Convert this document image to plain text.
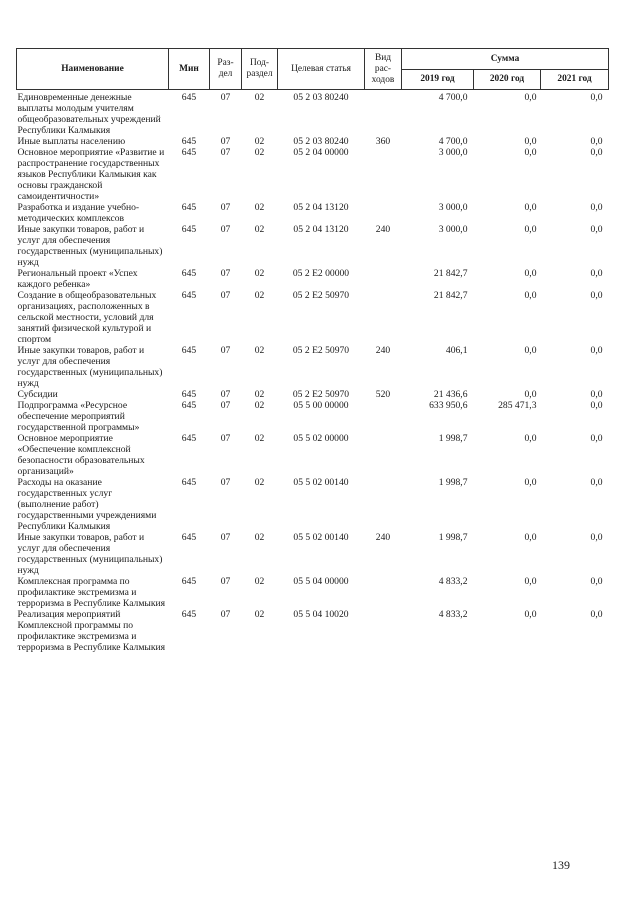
Наименование	Мин	Раз-дел	Под-раздел	Целевая статья	Вид рас-ходов	Сумма		
						2019 год	2020 год	2021 год
Единовременные денежные выплаты молодым учителям общеобразовательных учреждений Республики Калмыкия	645	07	02	05 2 03 80240		4 700,0	0,0	0,0
Иные выплаты населению	645	07	02	05 2 03 80240	360	4 700,0	0,0	0,0
Основное мероприятие «Развитие и распространение государственных языков Республики Калмыкия как основы гражданской самоидентичности»	645	07	02	05 2 04 00000		3 000,0	0,0	0,0
Разработка и издание учебно-методических комплексов	645	07	02	05 2 04 13120		3 000,0	0,0	0,0
Иные закупки товаров, работ и услуг для обеспечения государственных (муниципальных) нужд	645	07	02	05 2 04 13120	240	3 000,0	0,0	0,0
Региональный проект «Успех каждого ребенка»	645	07	02	05 2 E2 00000		21 842,7	0,0	0,0
Создание в общеобразовательных организациях, расположенных в сельской местности, условий для занятий физической культурой и спортом	645	07	02	05 2 E2 50970		21 842,7	0,0	0,0
Иные закупки товаров, работ и услуг для обеспечения государственных (муниципальных) нужд	645	07	02	05 2 E2 50970	240	406,1	0,0	0,0
Субсидии	645	07	02	05 2 E2 50970	520	21 436,6	0,0	0,0
Подпрограмма «Ресурсное обеспечение мероприятий государственной программы»	645	07	02	05 5 00 00000		633 950,6	285 471,3	0,0
Основное мероприятие «Обеспечение комплексной безопасности образовательных организаций»	645	07	02	05 5 02 00000		1 998,7	0,0	0,0
Расходы на оказание государственных услуг (выполнение работ) государственными учреждениями Республики Калмыкия	645	07	02	05 5 02 00140		1 998,7	0,0	0,0
Иные закупки товаров, работ и услуг для обеспечения государственных (муниципальных) нужд	645	07	02	05 5 02 00140	240	1 998,7	0,0	0,0
Комплексная программа по профилактике экстремизма и терроризма в Республике Калмыкия	645	07	02	05 5 04 00000		4 833,2	0,0	0,0
Реализация мероприятий Комплексной программы по профилактике экстремизма и терроризма в Республике Калмыкия	645	07	02	05 5 04 10020		4 833,2	0,0	0,0
139
